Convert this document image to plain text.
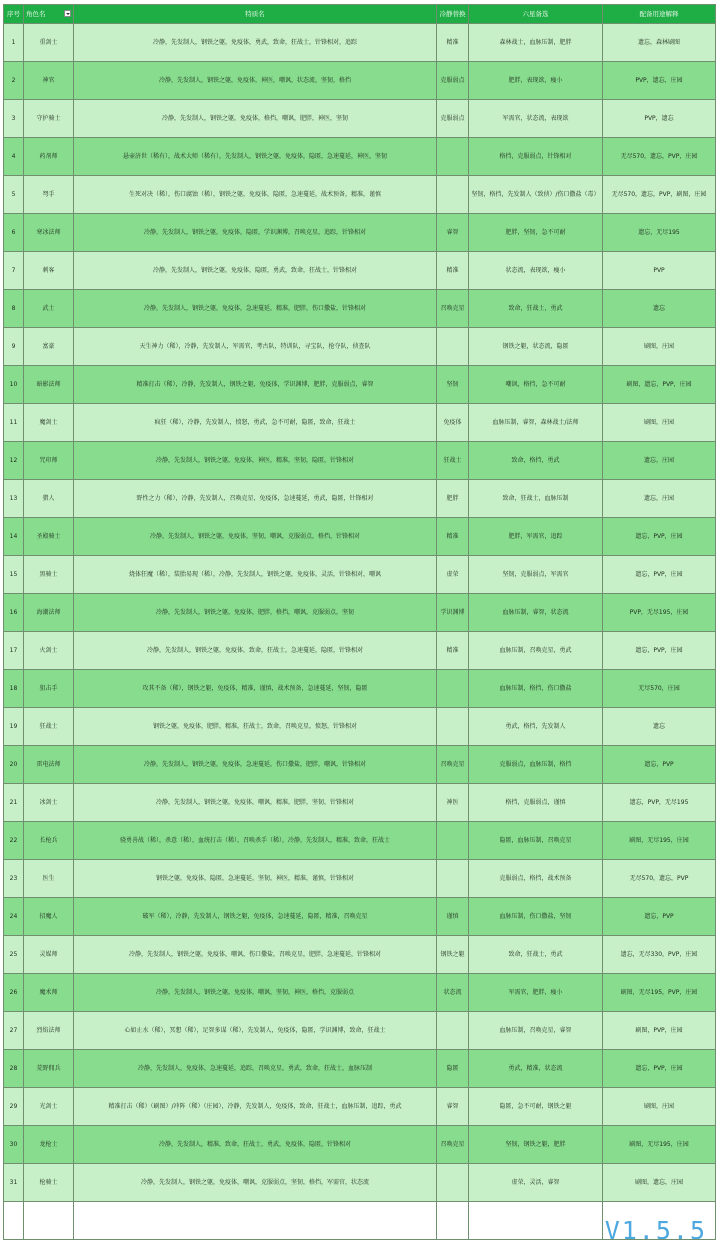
序号	角色名	特质名	冷静替换	六星备选	配备用途解释
1	重剑士	冷静，先发制人，钢铁之躯，免疫体，勇武，致命，狂战士，针锋相对，追踪	精准	森林战士，血脉压制，肥胖	遗忘，森林刷图
2	神官	冷静，先发制人，钢铁之躯，免疫体，神医，嘲讽，状态流，坚韧，格挡	克服弱点	肥胖，表现欲，瘦小	PVP，遗忘，庄园
3	守护骑士	冷静，先发制人，钢铁之躯，免疫体，格挡，嘲讽，肥胖，神医，坚韧	克服弱点	军需官，状态流，表现欲	PVP，遗忘
4	药剂师	悬壶济世（稀有），战术大师（稀有），先发制人，钢铁之躯，免疫体，隐匿，急速蔓延，神医，坚韧		格挡，克服弱点，针锋相对	无尽570，遗忘，PVP，庄园
5	弩手	生死对决（稀），伤口腐蚀（稀），钢铁之躯，免疫体，隐匿，急速蔓延，战术预备，精准，谨慎		坚韧，格挡，先发制人（致侦）/伤口撒盐（毒）	无尽570，遗忘，PVP，刷图，庄园
6	寒冰法师	冷静，先发制人，钢铁之躯，免疫体，隐匿，学识渊博，召唤克星，追踪，针锋相对	睿智	肥胖，坚韧，急不可耐	遗忘，无尽195
7	刺客	冷静，先发制人，钢铁之躯，免疫体，隐匿，勇武，致命，狂战士，针锋相对	精准	状态流，表现欲，瘦小	PVP
8	武士	冷静，先发制人，钢铁之躯，免疫体，急速蔓延，精准，肥胖，伤口撒盐，针锋相对	召唤克星	致命，狂战士，勇武	遗忘
9	富豪	天生神力（稀），冷静，先发制人，军需官，考古队，特训队，寻宝队，抢夺队，侦查队		钢铁之躯，状态流，隐匿	刷图，庄园
10	暗影法师	精准打击（稀），冷静，先发制人，钢铁之躯，免疫体，学识渊博，肥胖，克服弱点，睿智	坚韧	嘲讽，格挡，急不可耐	刷图，遗忘，PVP，庄园
11	魔剑士	疯狂（稀），冷静，先发制人，愤怒，勇武，急不可耐，隐匿，致命，狂战士	免疫体	血脉压制，睿智，森林战士/法师	刷图，庄园
12	咒印师	冷静，先发制人，钢铁之躯，免疫体，神医，精准，坚韧，隐匿，针锋相对	狂战士	致命，格挡，勇武	遗忘，庄园
13	猎人	野性之力（稀），冷静，先发制人，召唤克星，免疫体，急速蔓延，勇武，隐匿，针锋相对	肥胖	致命，狂战士，血脉压制	遗忘，庄园
14	圣殿骑士	冷静，先发制人，钢铁之躯，免疫体，坚韧，嘲讽，克服弱点，格挡，针锋相对	精准	肥胖，军需官，追踪	遗忘，PVP，庄园
15	黑骑士	烧体狂魔（稀），装胎易现（稀），冷静，先发制人，钢铁之躯，免疫体，灵活，针锋相对，嘲讽	虚荣	坚韧，克服弱点，军需官	遗忘，PVP，庄园
16	海潮法师	冷静，先发制人，钢铁之躯，免疫体，肥胖，格挡，嘲讽，克服弱点，坚韧	学识渊博	血脉压制，睿智，状态流	PVP，无尽195，庄园
17	火剑士	冷静，先发制人，钢铁之躯，免疫体，致命，狂战士，急速蔓延，隐匿，针锋相对	精准	血脉压制，召唤克星，勇武	遗忘，PVP，庄园
18	狙击手	攻其不备（稀），钢铁之躯，免疫体，精准，谨慎，战术预备，急速蔓延，坚韧，隐匿		血脉压制，格挡，伤口撒盐	无尽570，庄园
19	狂战士	钢铁之躯，免疫体，肥胖，精准，狂战士，致命，召唤克星，愤怒，针锋相对		勇武，格挡，先发制人	遗忘
20	雷电法师	冷静，先发制人，钢铁之躯，免疫体，急速蔓延，伤口撒盐，肥胖，嘲讽，针锋相对	召唤克星	克服弱点，血脉压制，格挡	遗忘，PVP
21	冰剑士	冷静，先发制人，钢铁之躯，免疫体，嘲讽，精准，肥胖，坚韧，针锋相对	神医	格挡，克服弱点，谨慎	遗忘，PVP，无尽195
22	长枪兵	骁勇善战（稀），杀意（稀），血统打击（稀），召唤杀手（稀），冷静，先发制人，精准，致命，狂战士		隐匿，血脉压制，召唤克星	刷图，无尽195，庄园
23	医生	钢铁之躯，免疫体，隐匿，急速蔓延，坚韧，神医，精准，谨慎，针锋相对		克服弱点，格挡，战术预备	无尽570，遗忘，PVP
24	招魔人	破军（稀），冷静，先发制人，钢铁之躯，免疫体，急速蔓延，隐匿，精准，召唤克星	谨慎	血脉压制，伤口撒盐，坚韧	遗忘，PVP
25	灵媒师	冷静，先发制人，钢铁之躯，免疫体，嘲讽，伤口撒盐，召唤克星，肥胖，急速蔓延，针锋相对	钢铁之躯	致命，狂战士，勇武	遗忘，无尽330，PVP，庄园
26	魔术师	冷静，先发制人，钢铁之躯，免疫体，嘲讽，坚韧，神医，格挡，克服弱点	状态流	军需官，肥胖，瘦小	刷图，无尽195，PVP，庄园
27	烈焰法师	心如止水（稀），冥想（稀），足智多谋（稀），先发制人，免疫体，隐匿，学识渊博，致命，狂战士		血脉压制，召唤克星，睿智	刷图，PVP，庄园
28	荒野佣兵	冷静，先发制人，免疫体，急速蔓延，追踪，召唤克星，勇武，致命，狂战士，血脉压制	隐匿	勇武，精准，状态流	遗忘，PVP，庄园
29	光剑士	精准打击（稀）（刷图）/冲阵（稀）（庄园），冷静，先发制人，免疫体，致命，狂战士，血脉压制，追踪，勇武	睿智	隐匿，急不可耐，钢铁之躯	刷图，庄园
30	龙枪士	冷静，先发制人，精准，致命，狂战士，勇武，免疫体，隐匿，针锋相对	召唤克星	坚韧，钢铁之躯，肥胖	刷图，无尽195，庄园
31	枪骑士	冷静，先发制人，钢铁之躯，免疫体，嘲讽，克服弱点，坚韧，格挡，军需官，状态流		虚荣，灵活，睿智	刷图，遗忘，庄园

					V1.5.5
